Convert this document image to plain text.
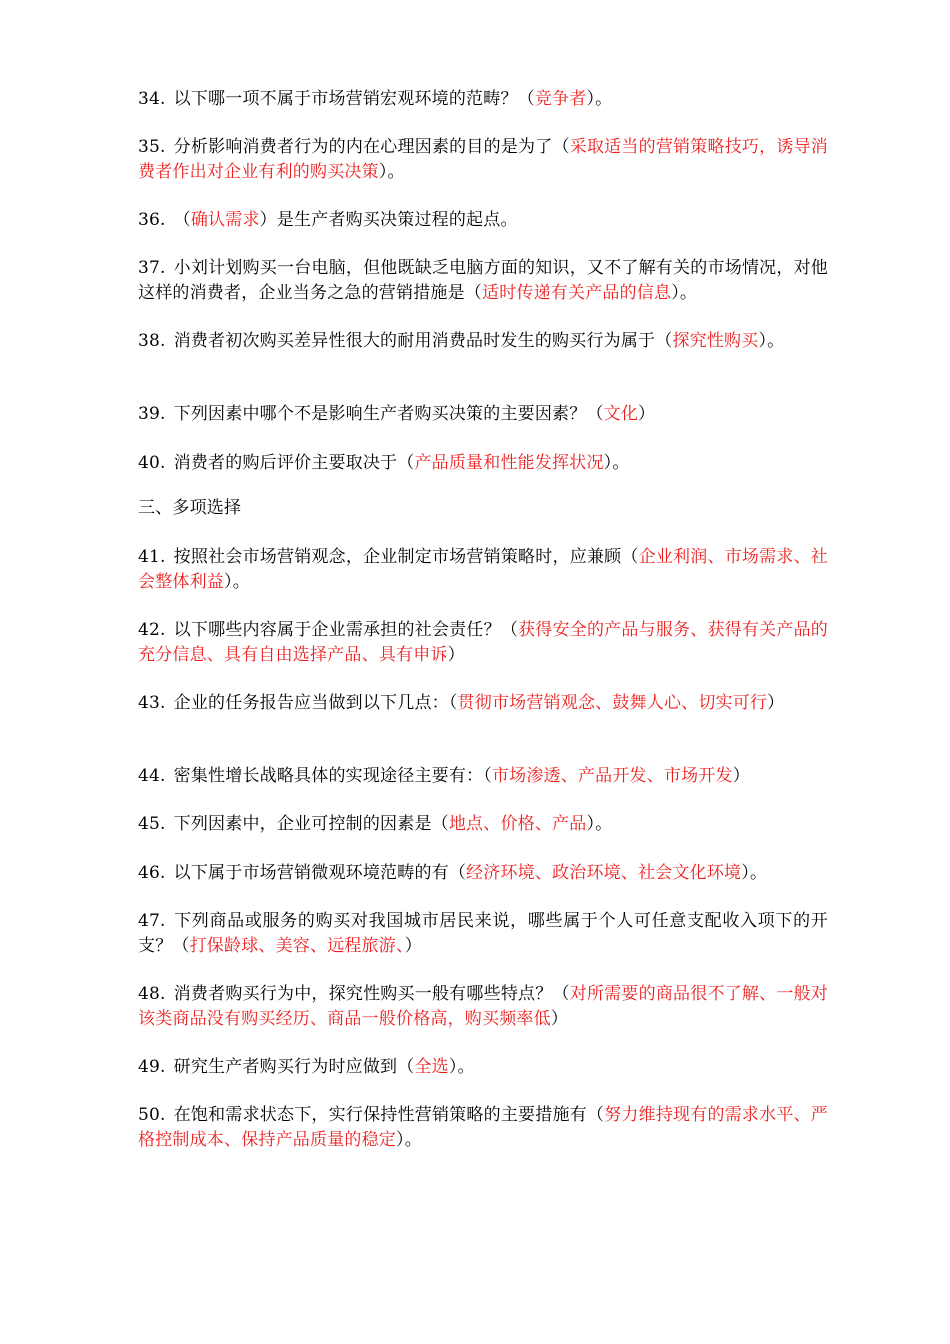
34. 以下哪一项不属于市场营销宏观环境的范畴？（竞争者）。

35. 分析影响消费者行为的内在心理因素的目的是为了（采取适当的营销策略技巧，诱导消费者作出对企业有利的购买决策）。

36. （确认需求）是生产者购买决策过程的起点。

37. 小刘计划购买一台电脑，但他既缺乏电脑方面的知识，又不了解有关的市场情况，对他这样的消费者，企业当务之急的营销措施是（适时传递有关产品的信息）。

38. 消费者初次购买差异性很大的耐用消费品时发生的购买行为属于（探究性购买）。

39. 下列因素中哪个不是影响生产者购买决策的主要因素？（文化）

40. 消费者的购后评价主要取决于（产品质量和性能发挥状况）。

三、多项选择

41. 按照社会市场营销观念，企业制定市场营销策略时，应兼顾（企业利润、市场需求、社会整体利益）。

42. 以下哪些内容属于企业需承担的社会责任？（获得安全的产品与服务、获得有关产品的充分信息、具有自由选择产品、具有申诉）

43. 企业的任务报告应当做到以下几点：（贯彻市场营销观念、鼓舞人心、切实可行）

44. 密集性增长战略具体的实现途径主要有：（市场渗透、产品开发、市场开发）

45. 下列因素中，企业可控制的因素是（地点、价格、产品）。

46. 以下属于市场营销微观环境范畴的有（经济环境、政治环境、社会文化环境）。

47. 下列商品或服务的购买对我国城市居民来说，哪些属于个人可任意支配收入项下的开支？（打保龄球、美容、远程旅游、）

48. 消费者购买行为中，探究性购买一般有哪些特点？（对所需要的商品很不了解、一般对该类商品没有购买经历、商品一般价格高，购买频率低）

49. 研究生产者购买行为时应做到（全选）。

50. 在饱和需求状态下，实行保持性营销策略的主要措施有（努力维持现有的需求水平、严格控制成本、保持产品质量的稳定）。
